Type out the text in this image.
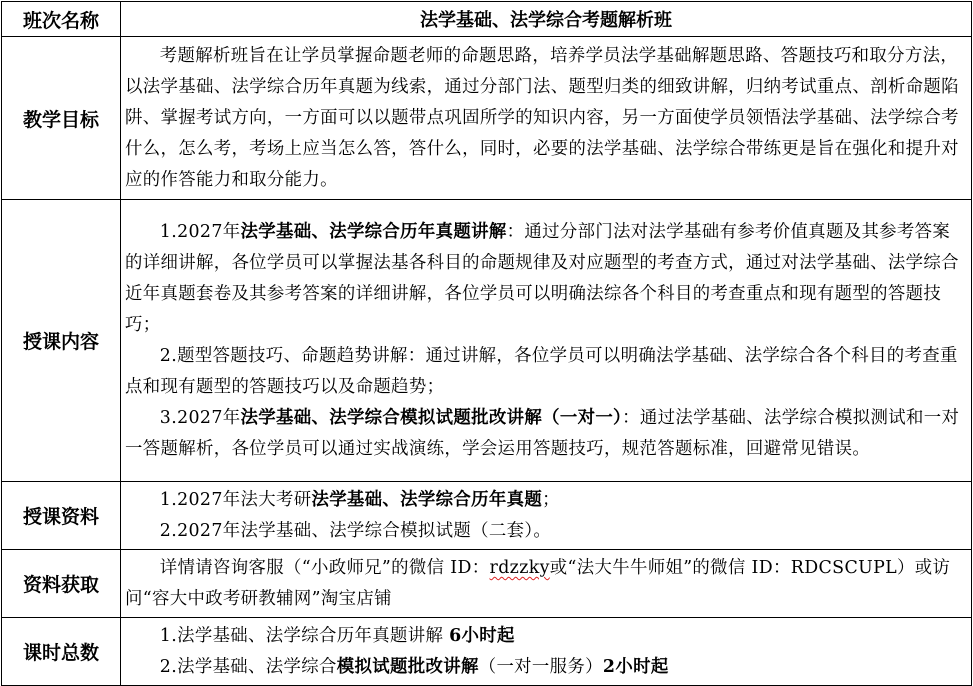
班次名称	法学基础、法学综合考题解析班
教学目标	考题解析班旨在让学员掌握命题老师的命题思路，培养学员法学基础解题思路、答题技巧和取分方法，以法学基础、法学综合历年真题为线索，通过分部门法、题型归类的细致讲解，归纳考试重点、剖析命题陷阱、掌握考试方向，一方面可以以题带点巩固所学的知识内容，另一方面使学员领悟法学基础、法学综合考什么，怎么考，考场上应当怎么答，答什么，同时，必要的法学基础、法学综合带练更是旨在强化和提升对应的作答能力和取分能力。

授课内容	1.2027年法学基础、法学综合历年真题讲解：通过分部门法对法学基础有参考价值真题及其参考答案的详细讲解，各位学员可以掌握法基各科目的命题规律及对应题型的考查方式，通过对法学基础、法学综合近年真题套卷及其参考答案的详细讲解，各位学员可以明确法综各个科目的考查重点和现有题型的答题技巧；

2.题型答题技巧、命题趋势讲解：通过讲解，各位学员可以明确法学基础、法学综合各个科目的考查重点和现有题型的答题技巧以及命题趋势；

3.2027年法学基础、法学综合模拟试题批改讲解（一对一）：通过法学基础、法学综合模拟测试和一对一答题解析，各位学员可以通过实战演练，学会运用答题技巧，规范答题标准，回避常见错误。

授课资料	1.2027年法大考研法学基础、法学综合历年真题；

2.2027年法学基础、法学综合模拟试题（二套）。

资料获取	详情请咨询客服（“小政师兄”的微信 ID：rdzzky或“法大牛牛师姐”的微信 ID：RDCSCUPL）或访问“容大中政考研教辅网”淘宝店铺

课时总数	1.法学基础、法学综合历年真题讲解 6小时起

2.法学基础、法学综合模拟试题批改讲解（一对一服务）2小时起
